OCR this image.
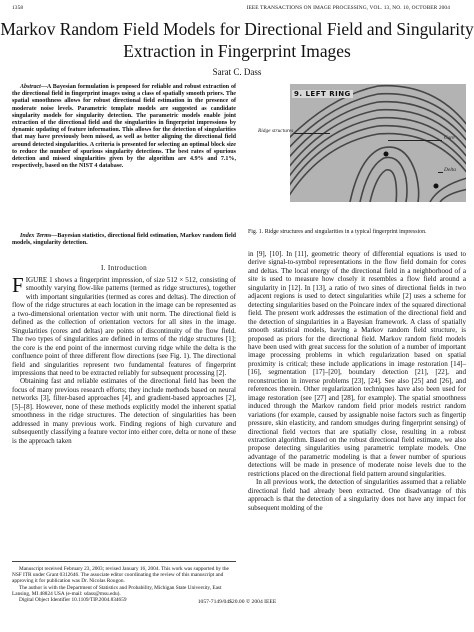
1358	IEEE TRANSACTIONS ON IMAGE PROCESSING, VOL. 13, NO. 10, OCTOBER 2004
Markov Random Field Models for Directional Field and Singularity Extraction in Fingerprint Images
Sarat C. Dass

Abstract—A Bayesian formulation is proposed for reliable and robust extraction of the directional field in fingerprint images using a class of spatially smooth priors. The spatial smoothness allows for robust directional field estimation in the presence of moderate noise levels. Parametric template models are suggested as candidate singularity models for singularity detection. The parametric models enable joint extraction of the directional field and the singularities in fingerprint impressions by dynamic updating of feature information. This allows for the detection of singularities that may have previously been missed, as well as better aligning the directional field around detected singularities. A criteria is presented for selecting an optimal block size to reduce the number of spurious singularity detections. The best rates of spurious detection and missed singularities given by the algorithm are 4.9% and 7.1%, respectively, based on the NIST 4 database.

Index Terms—Bayesian statistics, directional field estimation, Markov random field models, singularity detection.

I. Introduction

FIGURE 1 shows a fingerprint impression, of size 512 × 512, consisting of smoothly varying flow-like patterns (termed as ridge structures), together with important singularities (termed as cores and deltas). The direction of flow of the ridge structures at each location in the image can be represented as a two-dimensional orientation vector with unit norm. The directional field is defined as the collection of orientation vectors for all sites in the image. Singularities (cores and deltas) are points of discontinuity of the flow field. The two types of singularities are defined in terms of the ridge structures [1]; the core is the end point of the innermost curving ridge while the delta is the confluence point of three different flow directions (see Fig. 1). The directional field and singularities represent two fundamental features of fingerprint impressions that need to be extracted reliably for subsequent processing [2].

Obtaining fast and reliable estimates of the directional field has been the focus of many previous research efforts; they include methods based on neural networks [3], filter-based approaches [4], and gradient-based approaches [2], [5]–[8]. However, none of these methods explicitly model the inherent spatial smoothness in the ridge structures. The detection of singularities has been addressed in many previous work. Finding regions of high curvature and subsequently classifying a feature vector into either core, delta or none of these is the approach taken

Manuscript received February 23, 2003; revised January 16, 2004. This work was supported by the NSF ITR under Grant 0312646. The associate editor coordinating the review of this manuscript and approving it for publication was Dr. Nicolas Rougon.

The author is with the Department of Statistics and Probability, Michigan State University, East Lansing, MI 48824 USA (e-mail: sdass@msu.edu).

Digital Object Identifier 10.1109/TIP.2004.834659

9. LEFT RING
Ridge structures
Core
Delta
Fig. 1. Ridge structures and singularities in a typical fingerprint impression.

in [9], [10]. In [11], geometric theory of differential equations is used to derive signal-to-symbol representations in the flow field domain for cores and deltas. The local energy of the directional field in a neighborhood of a site is used to measure how closely it resembles a flow field around a singularity in [12]. In [13], a ratio of two sines of directional fields in two adjacent regions is used to detect singularities while [2] uses a scheme for detecting singularities based on the Poincare index of the squared directional field. The present work addresses the estimation of the directional field and the detection of singularities in a Bayesian framework. A class of spatially smooth statistical models, having a Markov random field structure, is proposed as priors for the directional field. Markov random field models have been used with great success for the solution of a number of important image processing problems in which regularization based on spatial proximity is critical; these include applications in image restoration [14]–[16], segmentation [17]–[20], boundary detection [21], [22], and reconstruction in inverse problems [23], [24]. See also [25] and [26], and references therein. Other regularization techniques have also been used for image restoration (see [27] and [28], for example). The spatial smoothness induced through the Markov random field prior models restrict random variations (for example, caused by assignable noise factors such as fingertip pressure, skin elasticity, and random smudges during fingerprint sensing) of directional field vectors that are spatially close, resulting in a robust extraction algorithm. Based on the robust directional field estimate, we also propose detecting singularities using parametric template models. One advantage of the parametric modeling is that a fewer number of spurious detections will be made in presence of moderate noise levels due to the restrictions placed on the directional field pattern around singularities.

In all previous work, the detection of singularities assumed that a reliable directional field had already been extracted. One disadvantage of this approach is that the detection of a singularity does not have any impact for subsequent molding of the

1057-7149/04$20.00 © 2004 IEEE
